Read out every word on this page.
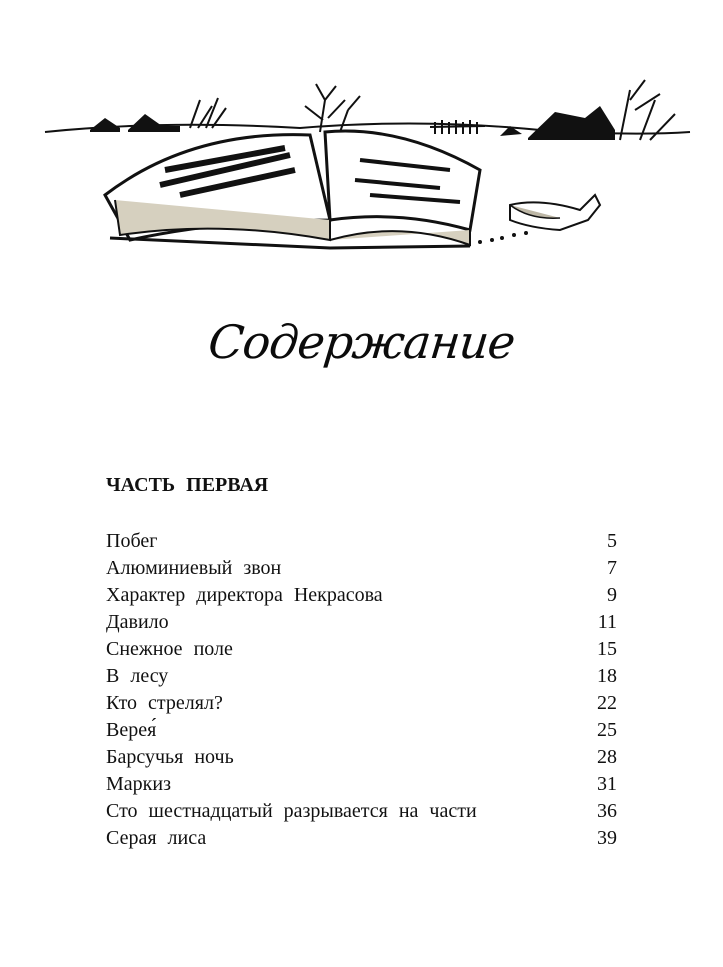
Содержание
ЧАСТЬ ПЕРВАЯ
Побег	5
Алюминиевый звон	7
Характер директора Некрасова	9
Давило	11
Снежное поле	15
В лесу	18
Кто стрелял?	22
Верея́	25
Барсучья ночь	28
Маркиз	31
Сто шестнадцатый разрывается на части	36
Серая лиса	39
